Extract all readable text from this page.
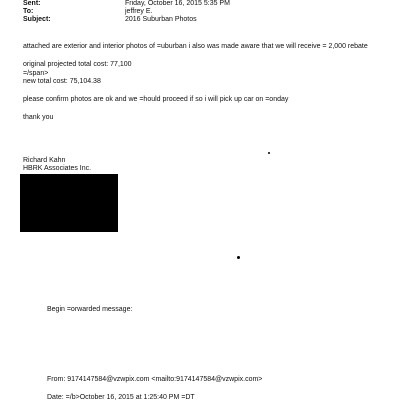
Sent:	Friday, October 16, 2015 5:35 PM
To:	jeffrey E.
Subject:	2016 Suburban Photos
attached are exterior and interior photos of =uburban i also was made aware that we will receive = 2,000 rebate
original projected total cost: 77,100
=/span>
new total cost: 75,104.38
please confirm photos are ok and we =hould proceed if so i will pick up car on =onday
thank you
Richard Kahn
HBRK Associates Inc.
Begin =orwarded message:
From: 9174147584@vzwpix.com <mailto:9174147584@vzwpix.com>
Date: =/b>October 16, 2015 at 1:25:40 PM =DT
